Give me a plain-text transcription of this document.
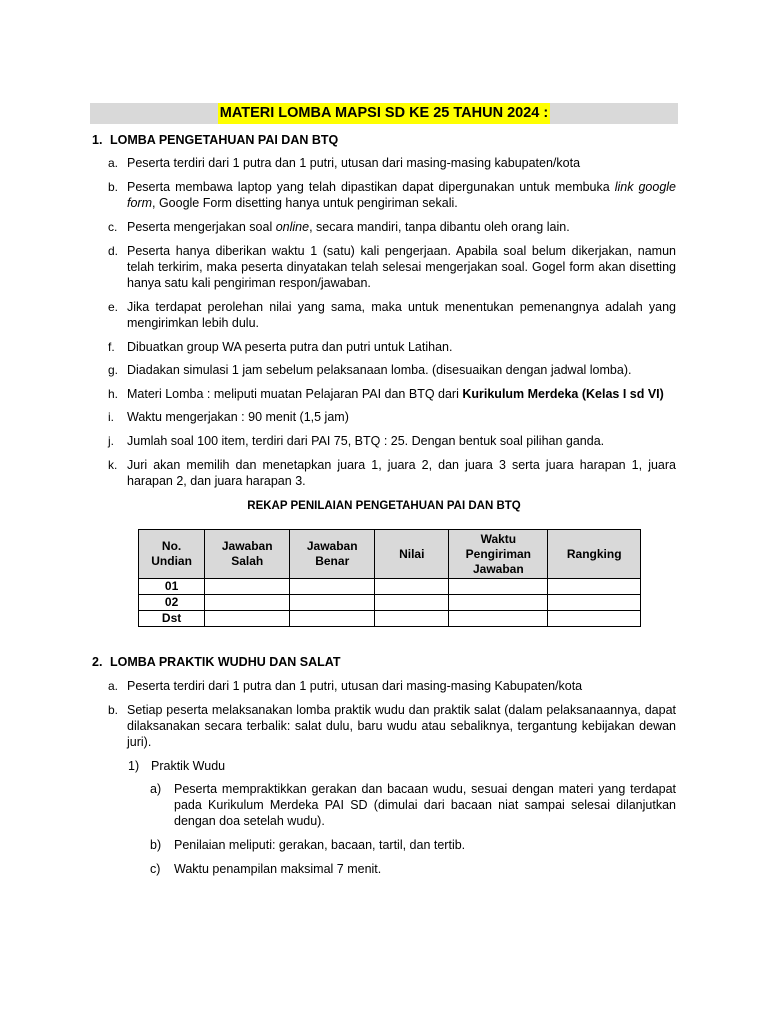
MATERI LOMBA MAPSI SD KE 25 TAHUN 2024 :
1. LOMBA PENGETAHUAN PAI DAN BTQ
a. Peserta terdiri dari 1 putra dan 1 putri, utusan dari masing-masing kabupaten/kota
b. Peserta membawa laptop yang telah dipastikan dapat dipergunakan untuk membuka link google form, Google Form disetting hanya untuk pengiriman sekali.
c. Peserta mengerjakan soal online, secara mandiri, tanpa dibantu oleh orang lain.
d. Peserta hanya diberikan waktu 1 (satu) kali pengerjaan. Apabila soal belum dikerjakan, namun telah terkirim, maka peserta dinyatakan telah selesai mengerjakan soal. Gogel form akan disetting hanya satu kali pengiriman respon/jawaban.
e. Jika terdapat perolehan nilai yang sama, maka untuk menentukan pemenangnya adalah yang mengirimkan lebih dulu.
f. Dibuatkan group WA peserta putra dan putri untuk Latihan.
g. Diadakan simulasi 1 jam sebelum pelaksanaan lomba. (disesuaikan dengan jadwal lomba).
h. Materi Lomba : meliputi muatan Pelajaran PAI dan BTQ dari Kurikulum Merdeka (Kelas I sd VI)
i.	Waktu mengerjakan : 90 menit (1,5 jam)
j.	Jumlah soal 100 item, terdiri dari PAI 75, BTQ : 25. Dengan bentuk soal pilihan ganda.
k. Juri akan memilih dan menetapkan juara 1, juara 2, dan juara 3 serta juara harapan 1, juara harapan 2, dan juara harapan 3.
REKAP PENILAIAN PENGETAHUAN PAI DAN BTQ
No. Undian	Jawaban Salah	Jawaban Benar	Nilai	Waktu Pengiriman Jawaban	Rangking
01					
02					
Dst					
2. LOMBA PRAKTIK WUDHU DAN SALAT
a. Peserta terdiri dari 1 putra dan 1 putri, utusan dari masing-masing Kabupaten/kota
b. Setiap peserta melaksanakan lomba praktik wudu dan praktik salat (dalam pelaksanaannya, dapat dilaksanakan secara terbalik: salat dulu, baru wudu atau sebaliknya, tergantung kebijakan dewan juri).
1) Praktik Wudu
a)	Peserta mempraktikkan gerakan dan bacaan wudu, sesuai dengan materi yang terdapat pada Kurikulum Merdeka PAI SD (dimulai dari bacaan niat sampai selesai dilanjutkan dengan doa setelah wudu).
b)	Penilaian meliputi: gerakan, bacaan, tartil, dan tertib.
c)	Waktu penampilan maksimal 7 menit.
